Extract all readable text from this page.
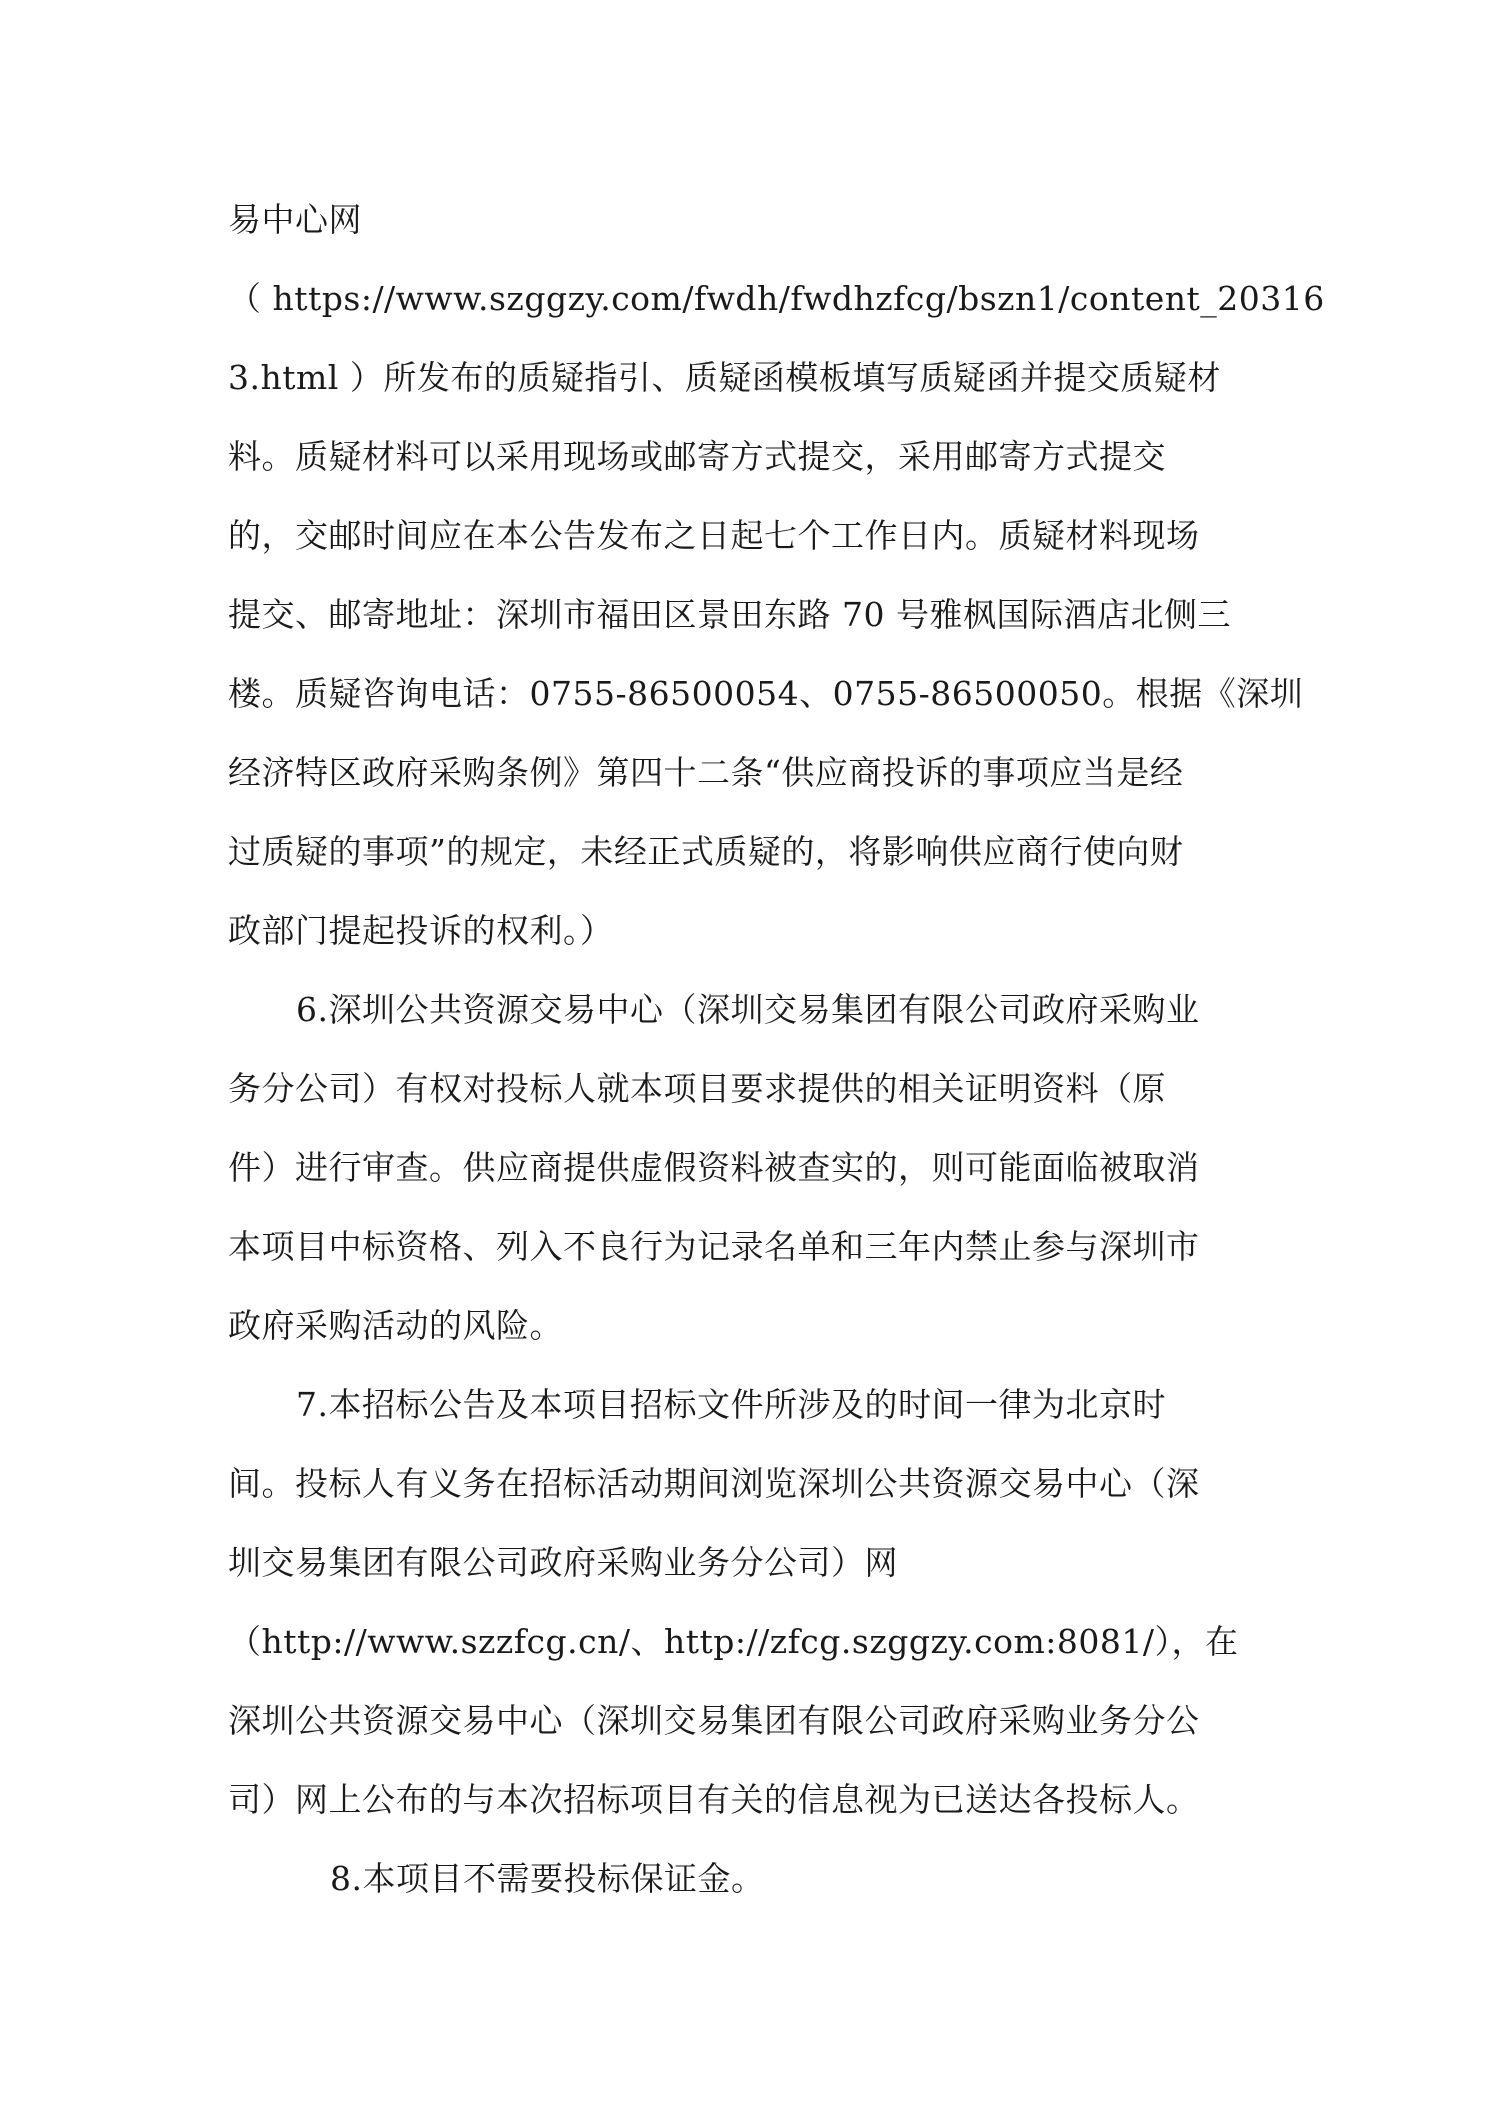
易中心网
（ https://www.szggzy.com/fwdh/fwdhzfcg/bszn1/content_20316
3.html ）所发布的质疑指引、质疑函模板填写质疑函并提交质疑材
料。质疑材料可以采用现场或邮寄方式提交，采用邮寄方式提交
的，交邮时间应在本公告发布之日起七个工作日内。质疑材料现场
提交、邮寄地址：深圳市福田区景田东路 70 号雅枫国际酒店北侧三
楼。质疑咨询电话：0755-86500054、0755-86500050。根据《深圳
经济特区政府采购条例》第四十二条“供应商投诉的事项应当是经
过质疑的事项”的规定，未经正式质疑的，将影响供应商行使向财
政部门提起投诉的权利。）
6.深圳公共资源交易中心（深圳交易集团有限公司政府采购业
务分公司）有权对投标人就本项目要求提供的相关证明资料（原
件）进行审查。供应商提供虚假资料被查实的，则可能面临被取消
本项目中标资格、列入不良行为记录名单和三年内禁止参与深圳市
政府采购活动的风险。
7.本招标公告及本项目招标文件所涉及的时间一律为北京时
间。投标人有义务在招标活动期间浏览深圳公共资源交易中心（深
圳交易集团有限公司政府采购业务分公司）网
（http://www.szzfcg.cn/、http://zfcg.szggzy.com:8081/），在
深圳公共资源交易中心（深圳交易集团有限公司政府采购业务分公
司）网上公布的与本次招标项目有关的信息视为已送达各投标人。
8.本项目不需要投标保证金。
